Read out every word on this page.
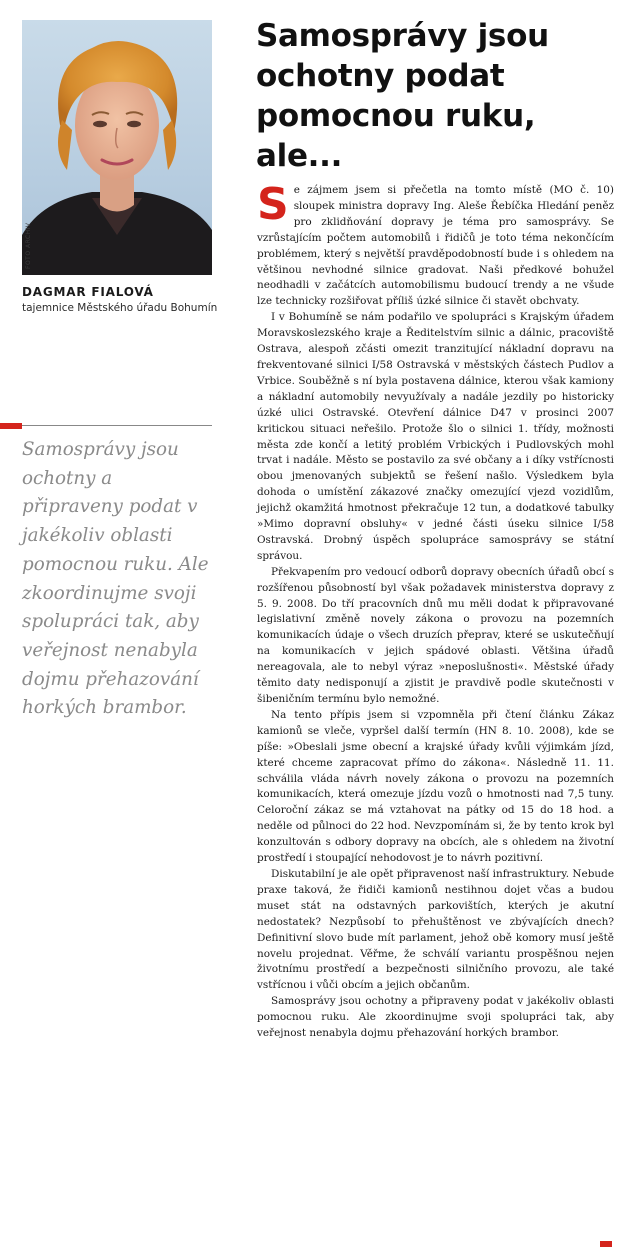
FOTO ARCHIV
DAGMAR FIALOVÁ
tajemnice Městského úřadu Bohumín
Samosprávy jsou ochotny podat pomocnou ruku, ale...

Samosprávy jsou ochotny a připraveny podat v jakékoliv oblasti pomocnou ruku. Ale zkoordinujme svoji spolupráci tak, aby veřejnost nenabyla dojmu přehazování horkých brambor.

Se zájmem jsem si přečetla na tomto místě (MO č. 10) sloupek ministra dopravy Ing. Aleše Řebíčka Hledání peněz pro zklidňování dopravy je téma pro samosprávy. Se vzrůstajícím počtem automobilů i řidičů je toto téma nekončícím problémem, který s největší pravděpodobností bude i s ohledem na většinou nevhodné silnice gradovat. Naši předkové bohužel neodhadli v začátcích automobilismu budoucí trendy a ne všude lze technicky rozšiřovat příliš úzké silnice či stavět obchvaty.

I v Bohumíně se nám podařilo ve spolupráci s Krajským úřadem Moravskoslezského kraje a Ředitelstvím silnic a dálnic, pracoviště Ostrava, alespoň zčásti omezit tranzitující nákladní dopravu na frekventované silnici I/58 Ostravská v městských částech Pudlov a Vrbice. Souběžně s ní byla postavena dálnice, kterou však kamiony a nákladní automobily nevyužívaly a nadále jezdily po historicky úzké ulici Ostravské. Otevření dálnice D47 v prosinci 2007 kritickou situaci neřešilo. Protože šlo o silnici 1. třídy, možnosti města zde končí a letitý problém Vrbických i Pudlovských mohl trvat i nadále. Město se postavilo za své občany a i díky vstřícnosti obou jmenovaných subjektů se řešení našlo. Výsledkem byla dohoda o umístění zákazové značky omezující vjezd vozidlům, jejichž okamžitá hmotnost překračuje 12 tun, a dodatkové tabulky »Mimo dopravní obsluhy« v jedné části úseku silnice I/58 Ostravská. Drobný úspěch spolupráce samosprávy se státní správou.

Překvapením pro vedoucí odborů dopravy obecních úřadů obcí s rozšířenou působností byl však požadavek ministerstva dopravy z 5. 9. 2008. Do tří pracovních dnů mu měli dodat k připravované legislativní změně novely zákona o provozu na pozemních komunikacích údaje o všech druzích přeprav, které se uskutečňují na komunikacích v jejich spádové oblasti. Většina úřadů nereagovala, ale to nebyl výraz »neposlušnosti«. Městské úřady těmito daty nedisponují a zjistit je pravdivě podle skutečnosti v šibeničním termínu bylo nemožné.

Na tento přípis jsem si vzpomněla při čtení článku Zákaz kamionů se vleče, vypršel další termín (HN 8. 10. 2008), kde se píše: »Obeslali jsme obecní a krajské úřady kvůli výjimkám jízd, které chceme zapracovat přímo do zákona«. Následně 11. 11. schválila vláda návrh novely zákona o provozu na pozemních komunikacích, která omezuje jízdu vozů o hmotnosti nad 7,5 tuny. Celoroční zákaz se má vztahovat na pátky od 15 do 18 hod. a neděle od půlnoci do 22 hod. Nevzpomínám si, že by tento krok byl konzultován s odbory dopravy na obcích, ale s ohledem na životní prostředí i stoupající nehodovost je to návrh pozitivní.

Diskutabilní je ale opět připravenost naší infrastruktury. Nebude praxe taková, že řidiči kamionů nestihnou dojet včas a budou muset stát na odstavných parkovištích, kterých je akutní nedostatek? Nezpůsobí to přehuštěnost ve zbývajících dnech? Definitivní slovo bude mít parlament, jehož obě komory musí ještě novelu projednat. Věřme, že schválí variantu prospěšnou nejen životnímu prostředí a bezpečnosti silničního provozu, ale také vstřícnou i vůči obcím a jejich občanům.

Samosprávy jsou ochotny a připraveny podat v jakékoliv oblasti pomocnou ruku. Ale zkoordinujme svoji spolupráci tak, aby veřejnost nenabyla dojmu přehazování horkých brambor.
